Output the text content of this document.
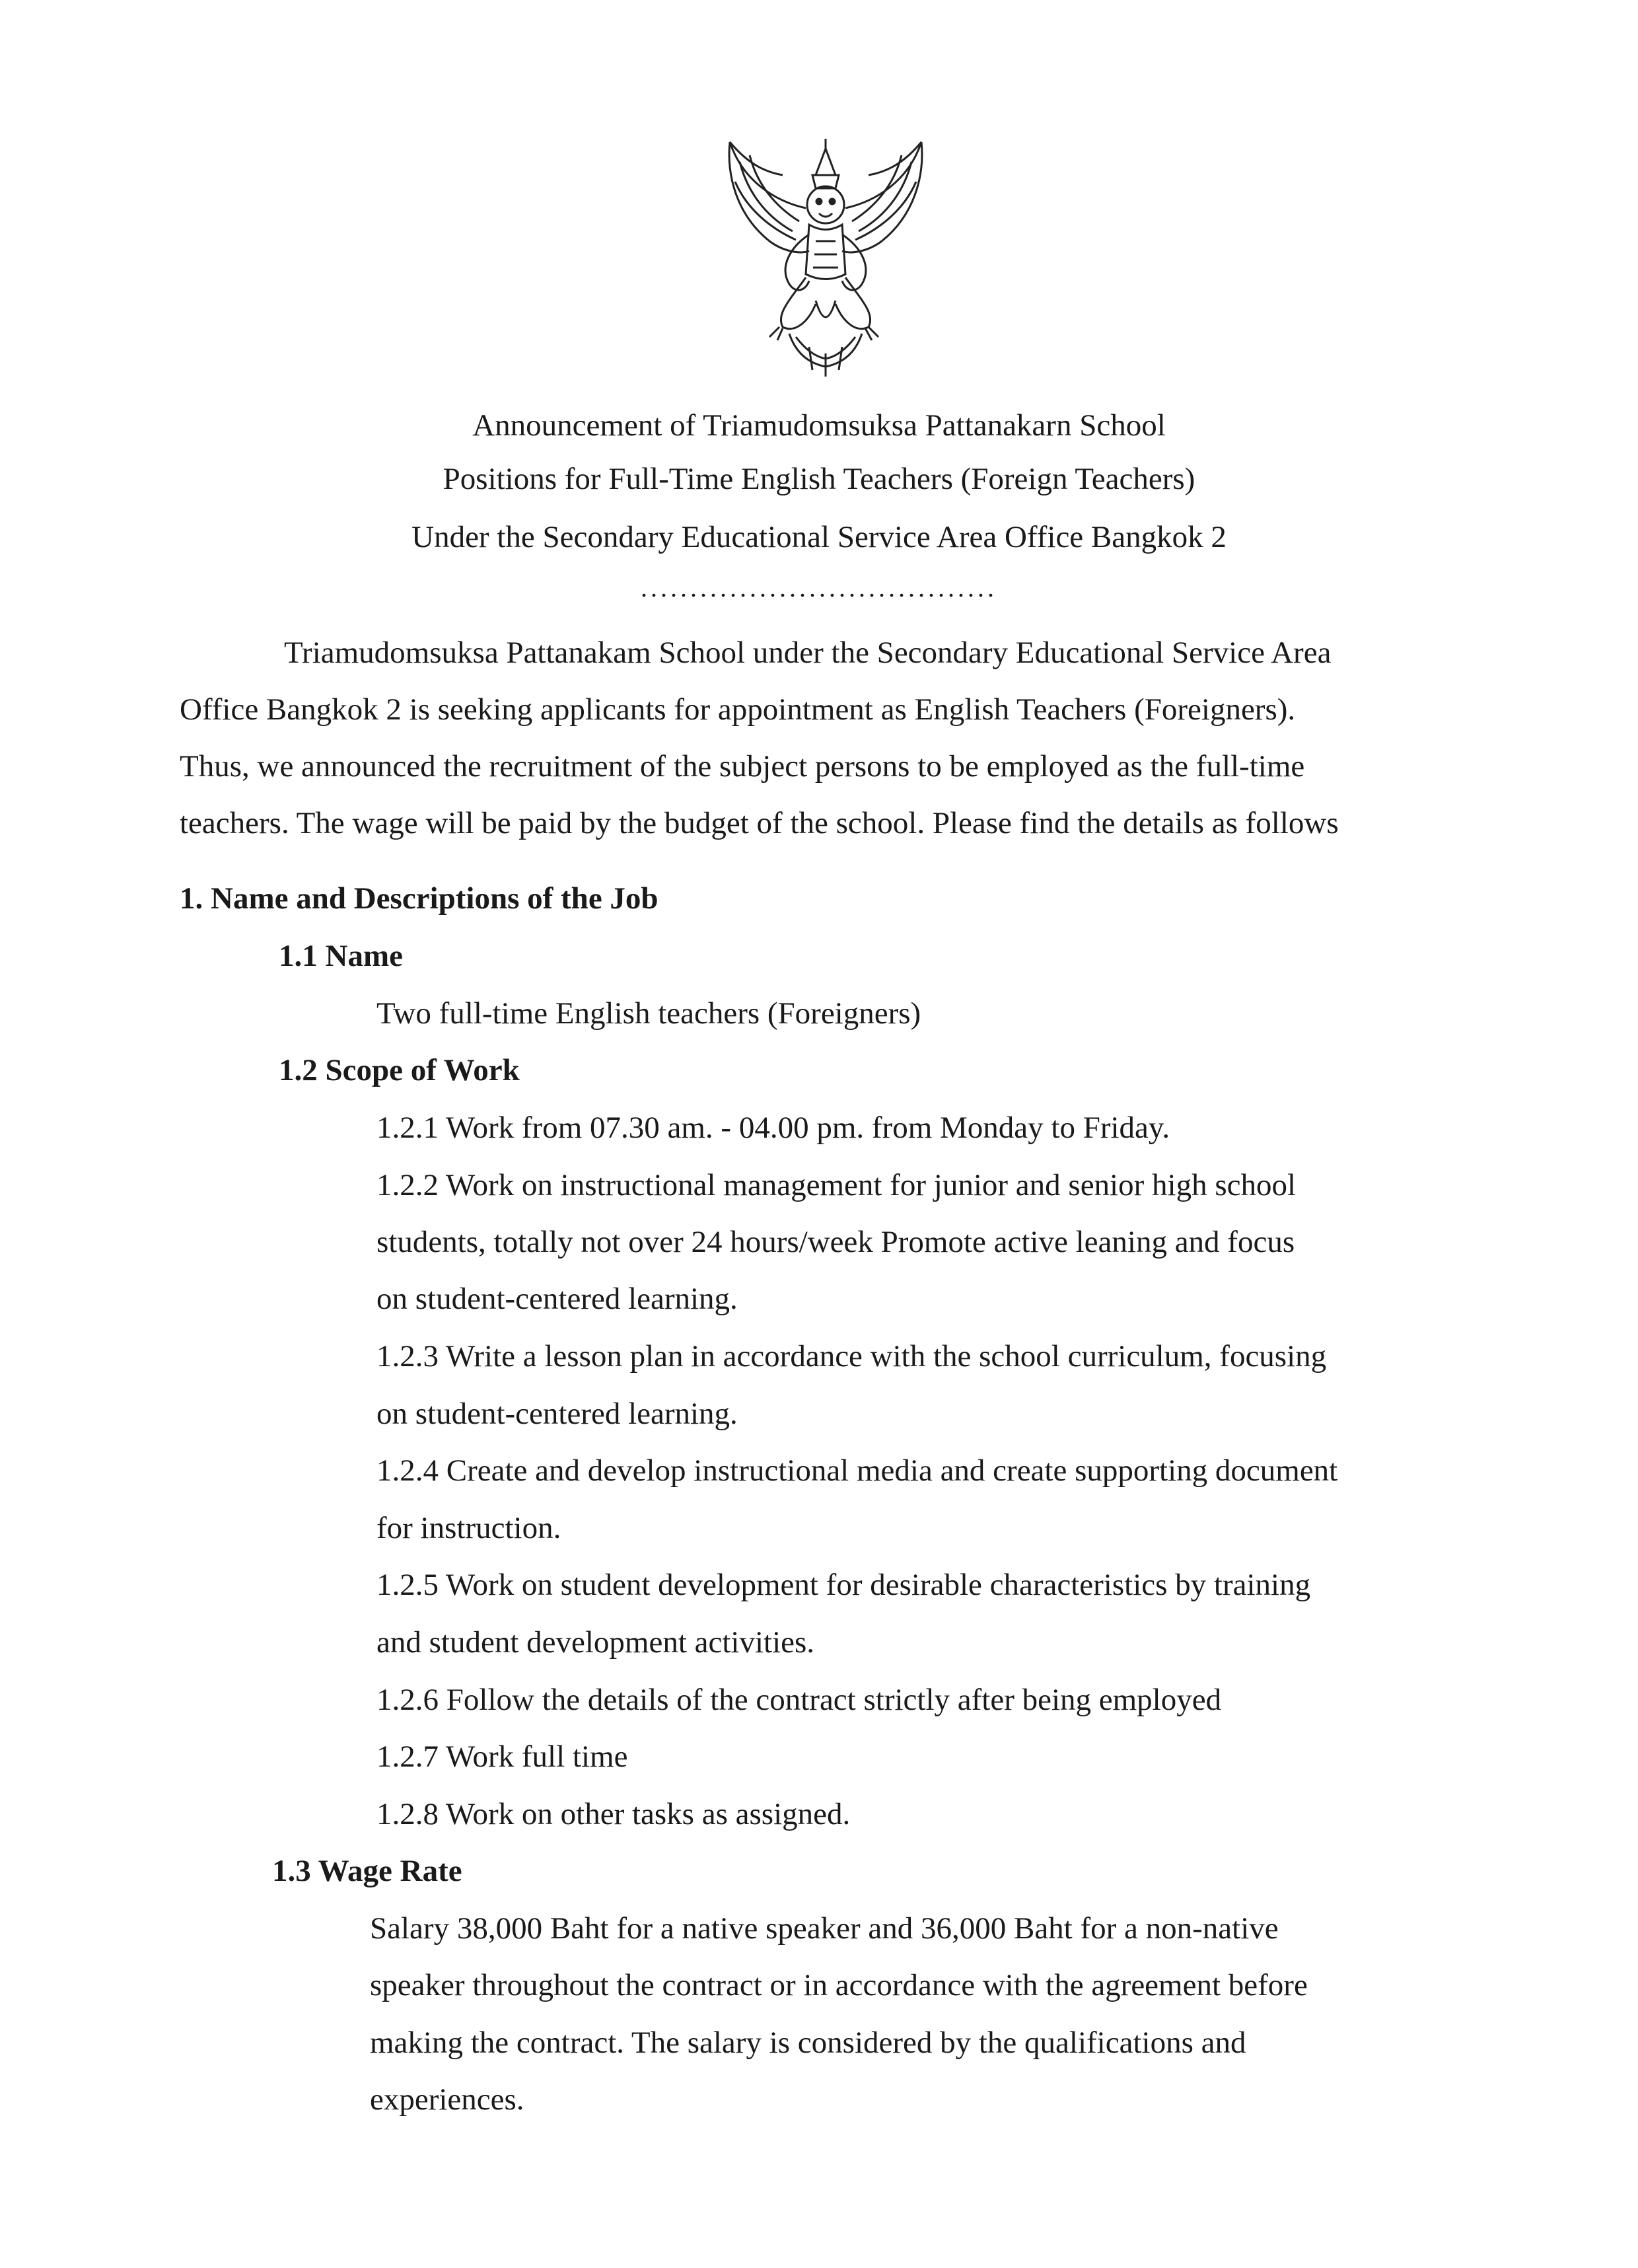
Announcement of Triamudomsuksa Pattanakarn School
Positions for Full-Time English Teachers (Foreign Teachers)
Under the Secondary Educational Service Area Office Bangkok 2
....................................
Triamudomsuksa Pattanakam School under the Secondary Educational Service Area
Office Bangkok 2 is seeking applicants for appointment as English Teachers (Foreigners).
Thus, we announced the recruitment of the subject persons to be employed as the full-time
teachers. The wage will be paid by the budget of the school. Please find the details as follows
1. Name and Descriptions of the Job
1.1 Name
Two full-time English teachers (Foreigners)
1.2 Scope of Work
1.2.1 Work from 07.30 am. - 04.00 pm. from Monday to Friday.
1.2.2 Work on instructional management for junior and senior high school
students, totally not over 24 hours/week Promote active leaning and focus
on student-centered learning.
1.2.3 Write a lesson plan in accordance with the school curriculum, focusing
on student-centered learning.
1.2.4 Create and develop instructional media and create supporting document
for instruction.
1.2.5 Work on student development for desirable characteristics by training
and student development activities.
1.2.6 Follow the details of the contract strictly after being employed
1.2.7 Work full time
1.2.8 Work on other tasks as assigned.
1.3 Wage Rate
Salary 38,000 Baht for a native speaker and 36,000 Baht for a non-native
speaker throughout the contract or in accordance with the agreement before
making the contract. The salary is considered by the qualifications and
experiences.
